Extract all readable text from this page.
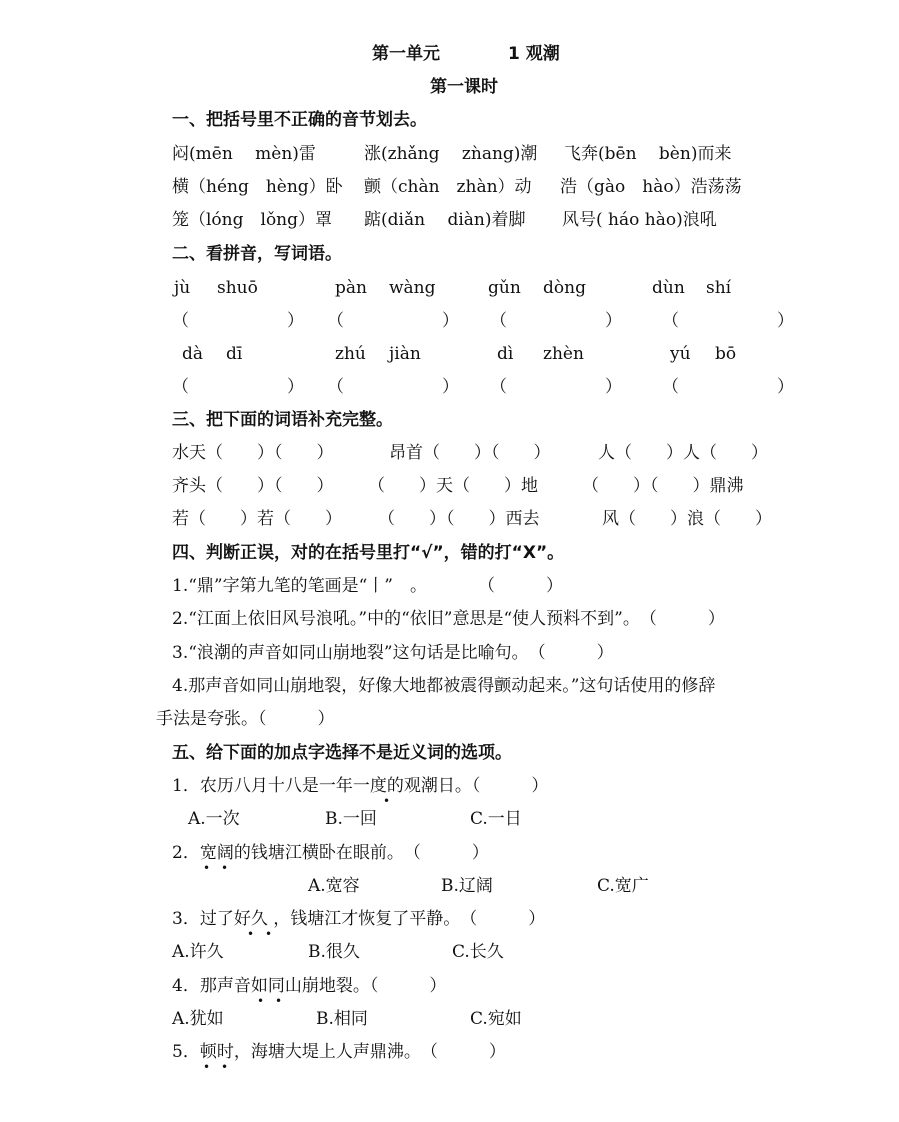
第一单元	1 观潮
第一课时
一、把括号里不正确的音节划去。
闷(mēn　 mèn)雷	涨(zhǎng　 zǹang)潮 飞奔(bēn　 bèn)而来
横（héng　hèng）卧 颤（chàn　zhàn）动 浩（gào　hào）浩荡荡
笼（lóng　lǒng）罩 踮(diǎn　 diàn)着脚 风号( háo hào)浪吼
二、看拼音，写词语。
jù shuō	pàn wàng	gǔn dòng	dùn shí
（　　　　） （　　　　） （　　　　） （　　　　）
dà dī	zhú jiàn	dì zhèn	yú bō
（　　　　） （　　　　） （　　　　） （　　　　）
三、把下面的词语补充完整。
水天（　　）（　　）	昂首（　　）（　　）	人（　　）人（　　）
齐头（　　）（　　） （　　）天（　　）地	（　　）（　　）鼎沸
若（　　）若（　　） （　　）（　　）西去	风（　　）浪（　　）
四、判断正误，对的在括号里打“√”，错的打“X”。
1.“鼎”字第九笔的笔画是“丨”　。　　　　（　　　）
2.“江面上依旧风号浪吼。”中的“依旧”意思是“使人预料不到”。　（　　　）
3.“浪潮的声音如同山崩地裂”这句话是比喻句。　（　　　）
4.那声音如同山崩地裂，好像大地都被震得颤动起来。”这句话使用的修辞
手法是夸张。（　　　）
五、给下面的加点字选择不是近义词的选项。
1．农历八月十八是一年一度的观潮日。（　　　）
•
A.一次	B.一回	C.一日
2．宽阔的钱塘江横卧在眼前。　（　　　）
• •
A.宽容	B.辽阔	C.宽广
3．过了好久 ，钱塘江才恢复了平静。　（　　　）
• •
A.许久	B.很久	C.长久
4．那声音如同山崩地裂。（　　　）
• •
A.犹如	B.相同	C.宛如
5．顿时，海塘大堤上人声鼎沸。　（　　　）
• •
